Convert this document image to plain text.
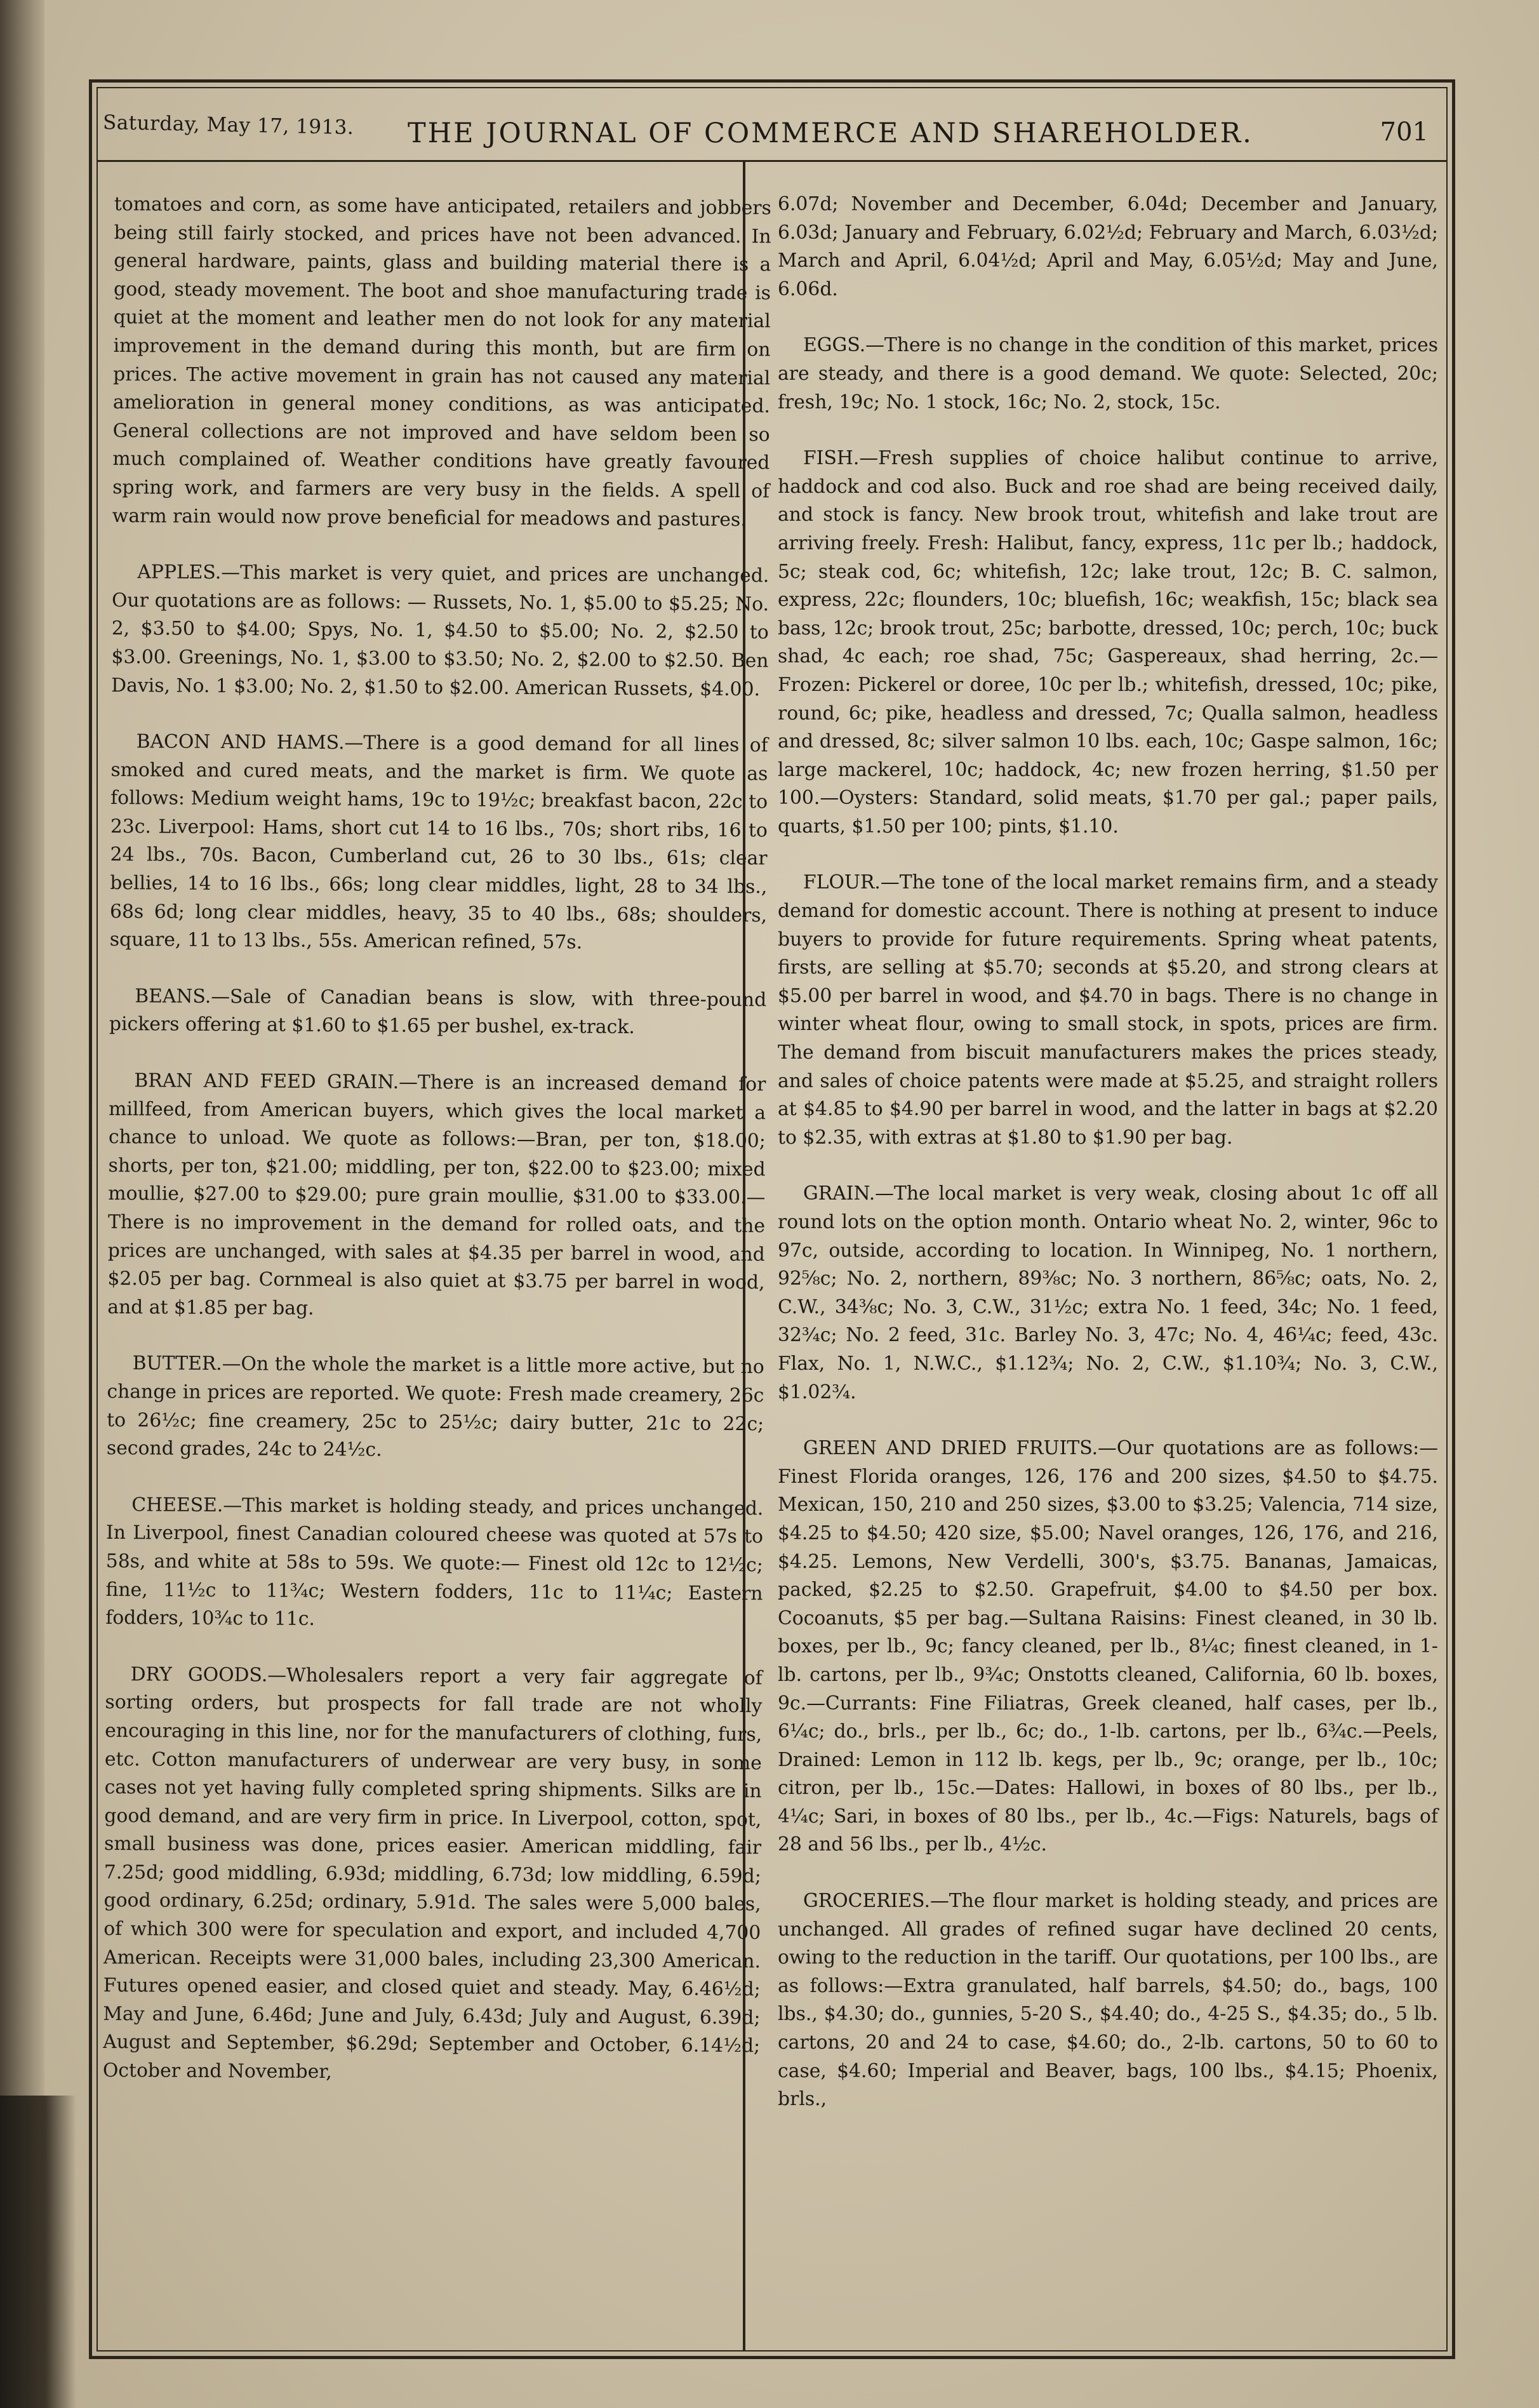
Saturday, May 17, 1913. THE JOURNAL OF COMMERCE AND SHAREHOLDER.	701

tomatoes and corn, as some have anticipated, retailers and jobbers being still fairly stocked, and prices have not been advanced. In general hardware, paints, glass and building material there is a good, steady movement. The boot and shoe manufacturing trade is quiet at the moment and leather men do not look for any material improvement in the demand during this month, but are firm on prices. The active movement in grain has not caused any material amelioration in general money conditions, as was anticipated. General collections are not improved and have seldom been so much complained of. Weather conditions have greatly favoured spring work, and farmers are very busy in the fields. A spell of warm rain would now prove beneficial for meadows and pastures.

APPLES.—This market is very quiet, and prices are unchanged. Our quotations are as follows: — Russets, No. 1, $5.00 to $5.25; No. 2, $3.50 to $4.00; Spys, No. 1, $4.50 to $5.00; No. 2, $2.50 to $3.00. Greenings, No. 1, $3.00 to $3.50; No. 2, $2.00 to $2.50. Ben Davis, No. 1 $3.00; No. 2, $1.50 to $2.00. American Russets, $4.00.

BACON AND HAMS.—There is a good demand for all lines of smoked and cured meats, and the market is firm. We quote as follows: Medium weight hams, 19c to 19½c; breakfast bacon, 22c to 23c. Liverpool: Hams, short cut 14 to 16 lbs., 70s; short ribs, 16 to 24 lbs., 70s. Bacon, Cumberland cut, 26 to 30 lbs., 61s; clear bellies, 14 to 16 lbs., 66s; long clear middles, light, 28 to 34 lbs., 68s 6d; long clear middles, heavy, 35 to 40 lbs., 68s; shoulders, square, 11 to 13 lbs., 55s. American refined, 57s.

BEANS.—Sale of Canadian beans is slow, with three-pound pickers offering at $1.60 to $1.65 per bushel, ex-track.

BRAN AND FEED GRAIN.—There is an increased demand for millfeed, from American buyers, which gives the local market a chance to unload. We quote as follows:—Bran, per ton, $18.00; shorts, per ton, $21.00; middling, per ton, $22.00 to $23.00; mixed moullie, $27.00 to $29.00; pure grain moullie, $31.00 to $33.00.—There is no improvement in the demand for rolled oats, and the prices are unchanged, with sales at $4.35 per barrel in wood, and $2.05 per bag. Cornmeal is also quiet at $3.75 per barrel in wood, and at $1.85 per bag.

BUTTER.—On the whole the market is a little more active, but no change in prices are reported. We quote: Fresh made creamery, 26c to 26½c; fine creamery, 25c to 25½c; dairy butter, 21c to 22c; second grades, 24c to 24½c.

CHEESE.—This market is holding steady, and prices unchanged. In Liverpool, finest Canadian coloured cheese was quoted at 57s to 58s, and white at 58s to 59s. We quote:— Finest old 12c to 12½c; fine, 11½c to 11¾c; Western fodders, 11c to 11¼c; Eastern fodders, 10¾c to 11c.

DRY GOODS.—Wholesalers report a very fair aggregate of sorting orders, but prospects for fall trade are not wholly encouraging in this line, nor for the manufacturers of clothing, furs, etc. Cotton manufacturers of underwear are very busy, in some cases not yet having fully completed spring shipments. Silks are in good demand, and are very firm in price. In Liverpool, cotton, spot, small business was done, prices easier. American middling, fair 7.25d; good middling, 6.93d; middling, 6.73d; low middling, 6.59d; good ordinary, 6.25d; ordinary, 5.91d. The sales were 5,000 bales, of which 300 were for speculation and export, and included 4,700 American. Receipts were 31,000 bales, including 23,300 American. Futures opened easier, and closed quiet and steady. May, 6.46½d; May and June, 6.46d; June and July, 6.43d; July and August, 6.39d; August and September, $6.29d; September and October, 6.14½d; October and November,

6.07d; November and December, 6.04d; December and January, 6.03d; January and February, 6.02½d; February and March, 6.03½d; March and April, 6.04½d; April and May, 6.05½d; May and June, 6.06d.

EGGS.—There is no change in the condition of this market, prices are steady, and there is a good demand. We quote: Selected, 20c; fresh, 19c; No. 1 stock, 16c; No. 2, stock, 15c.

FISH.—Fresh supplies of choice halibut continue to arrive, haddock and cod also. Buck and roe shad are being received daily, and stock is fancy. New brook trout, whitefish and lake trout are arriving freely. Fresh: Halibut, fancy, express, 11c per lb.; haddock, 5c; steak cod, 6c; whitefish, 12c; lake trout, 12c; B. C. salmon, express, 22c; flounders, 10c; bluefish, 16c; weakfish, 15c; black sea bass, 12c; brook trout, 25c; barbotte, dressed, 10c; perch, 10c; buck shad, 4c each; roe shad, 75c; Gaspereaux, shad herring, 2c.—Frozen: Pickerel or doree, 10c per lb.; whitefish, dressed, 10c; pike, round, 6c; pike, headless and dressed, 7c; Qualla salmon, headless and dressed, 8c; silver salmon 10 lbs. each, 10c; Gaspe salmon, 16c; large mackerel, 10c; haddock, 4c; new frozen herring, $1.50 per 100.—Oysters: Standard, solid meats, $1.70 per gal.; paper pails, quarts, $1.50 per 100; pints, $1.10.

FLOUR.—The tone of the local market remains firm, and a steady demand for domestic account. There is nothing at present to induce buyers to provide for future requirements. Spring wheat patents, firsts, are selling at $5.70; seconds at $5.20, and strong clears at $5.00 per barrel in wood, and $4.70 in bags. There is no change in winter wheat flour, owing to small stock, in spots, prices are firm. The demand from biscuit manufacturers makes the prices steady, and sales of choice patents were made at $5.25, and straight rollers at $4.85 to $4.90 per barrel in wood, and the latter in bags at $2.20 to $2.35, with extras at $1.80 to $1.90 per bag.

GRAIN.—The local market is very weak, closing about 1c off all round lots on the option month. Ontario wheat No. 2, winter, 96c to 97c, outside, according to location. In Winnipeg, No. 1 northern, 92⅝c; No. 2, northern, 89⅜c; No. 3 northern, 86⅝c; oats, No. 2, C.W., 34⅜c; No. 3, C.W., 31½c; extra No. 1 feed, 34c; No. 1 feed, 32¾c; No. 2 feed, 31c. Barley No. 3, 47c; No. 4, 46¼c; feed, 43c. Flax, No. 1, N.W.C., $1.12¾; No. 2, C.W., $1.10¾; No. 3, C.W., $1.02¾.

GREEN AND DRIED FRUITS.—Our quotations are as follows:—Finest Florida oranges, 126, 176 and 200 sizes, $4.50 to $4.75. Mexican, 150, 210 and 250 sizes, $3.00 to $3.25; Valencia, 714 size, $4.25 to $4.50; 420 size, $5.00; Navel oranges, 126, 176, and 216, $4.25. Lemons, New Verdelli, 300's, $3.75. Bananas, Jamaicas, packed, $2.25 to $2.50. Grapefruit, $4.00 to $4.50 per box. Cocoanuts, $5 per bag.—Sultana Raisins: Finest cleaned, in 30 lb. boxes, per lb., 9c; fancy cleaned, per lb., 8¼c; finest cleaned, in 1-lb. cartons, per lb., 9¾c; Onstotts cleaned, California, 60 lb. boxes, 9c.—Currants: Fine Filiatras, Greek cleaned, half cases, per lb., 6¼c; do., brls., per lb., 6c; do., 1-lb. cartons, per lb., 6¾c.—Peels, Drained: Lemon in 112 lb. kegs, per lb., 9c; orange, per lb., 10c; citron, per lb., 15c.—Dates: Hallowi, in boxes of 80 lbs., per lb., 4¼c; Sari, in boxes of 80 lbs., per lb., 4c.—Figs: Naturels, bags of 28 and 56 lbs., per lb., 4½c.

GROCERIES.—The flour market is holding steady, and prices are unchanged. All grades of refined sugar have declined 20 cents, owing to the reduction in the tariff. Our quotations, per 100 lbs., are as follows:—Extra granulated, half barrels, $4.50; do., bags, 100 lbs., $4.30; do., gunnies, 5-20 S., $4.40; do., 4-25 S., $4.35; do., 5 lb. cartons, 20 and 24 to case, $4.60; do., 2-lb. cartons, 50 to 60 to case, $4.60; Imperial and Beaver, bags, 100 lbs., $4.15; Phoenix, brls.,
